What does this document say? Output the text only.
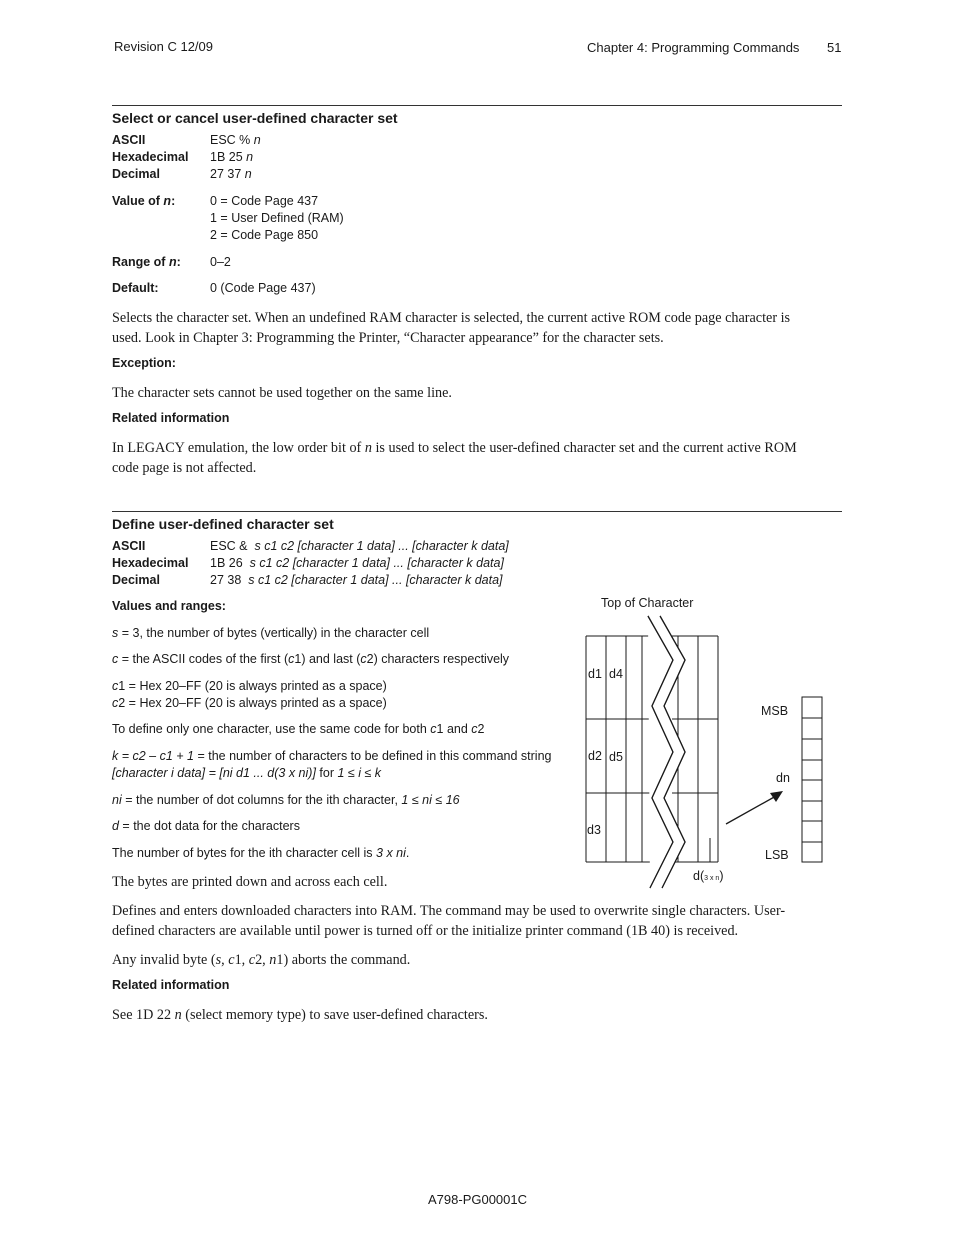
Revision C 12/09	Chapter 4: Programming Commands 51
Select or cancel user-defined character set
ASCII	ESC % n
Hexadecimal 1B 25 n
Decimal	27 37 n
Value of n:	0 = Code Page 437
1 = User Defined (RAM)
2 = Code Page 850
Range of n: 0–2
Default:	0 (Code Page 437)
Selects the character set. When an undefined RAM character is selected, the current active ROM code page character is
used. Look in Chapter 3: Programming the Printer, “Character appearance” for the character sets.
Exception:
The character sets cannot be used together on the same line.
Related information
In LEGACY emulation, the low order bit of n is used to select the user-defined character set and the current active ROM
code page is not affected.
Define user-defined character set
ASCII	ESC & s c1 c2 [character 1 data] ... [character k data]
Hexadecimal 1B 26 s c1 c2 [character 1 data] ... [character k data]
Decimal	27 38 s c1 c2 [character 1 data] ... [character k data]
Values and ranges:
s = 3, the number of bytes (vertically) in the character cell
c = the ASCII codes of the first (c1) and last (c2) characters respectively
c1 = Hex 20–FF (20 is always printed as a space)
c2 = Hex 20–FF (20 is always printed as a space)
To define only one character, use the same code for both c1 and c2
k = c2 – c1 + 1 = the number of characters to be defined in this command string
[character i data] = [ni d1 ... d(3 x ni)] for 1 ≤ i ≤ k
ni = the number of dot columns for the ith character, 1 ≤ ni ≤ 16
d = the dot data for the characters
The number of bytes for the ith character cell is 3 x ni.
The bytes are printed down and across each cell.
Defines and enters downloaded characters into RAM. The command may be used to overwrite single characters. User-
defined characters are available until power is turned off or the initialize printer command (1B 40) is received.
Any invalid byte (s, c1, c2, n1) aborts the command.
Related information
See 1D 22 n (select memory type) to save user-defined characters.
Top of Character
d1 d4
d2 d5
d3
d(3 x n)
MSB
dn
LSB
A798-PG00001C
